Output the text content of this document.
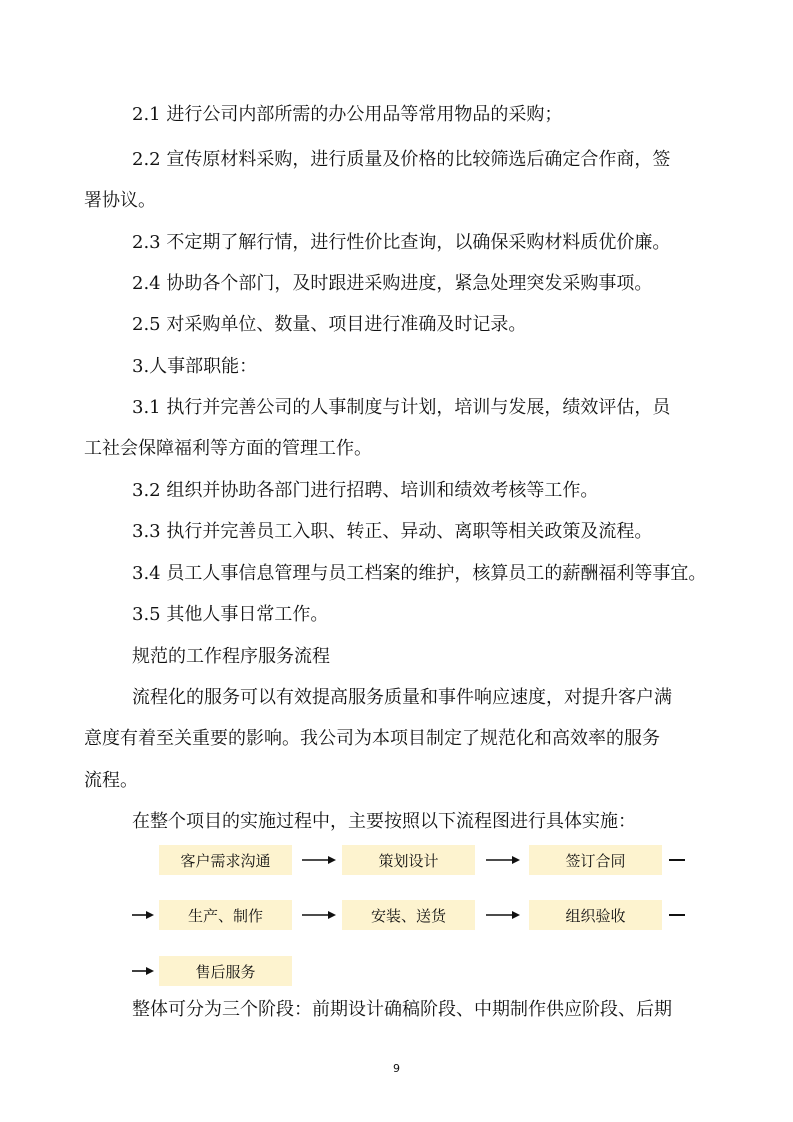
2.1 进行公司内部所需的办公用品等常用物品的采购；
2.2 宣传原材料采购，进行质量及价格的比较筛选后确定合作商，签
署协议。
2.3 不定期了解行情，进行性价比查询，以确保采购材料质优价廉。
2.4 协助各个部门，及时跟进采购进度，紧急处理突发采购事项。
2.5 对采购单位、数量、项目进行准确及时记录。
3.人事部职能：
3.1 执行并完善公司的人事制度与计划，培训与发展，绩效评估，员
工社会保障福利等方面的管理工作。
3.2 组织并协助各部门进行招聘、培训和绩效考核等工作。
3.3 执行并完善员工入职、转正、异动、离职等相关政策及流程。
3.4 员工人事信息管理与员工档案的维护，核算员工的薪酬福利等事宜。
3.5 其他人事日常工作。
规范的工作程序服务流程
流程化的服务可以有效提高服务质量和事件响应速度，对提升客户满
意度有着至关重要的影响。我公司为本项目制定了规范化和高效率的服务
流程。
在整个项目的实施过程中，主要按照以下流程图进行具体实施：
客户需求沟通	策划设计	签订合同
生产、制作	安装、送货	组织验收
售后服务
整体可分为三个阶段：前期设计确稿阶段、中期制作供应阶段、后期
9
